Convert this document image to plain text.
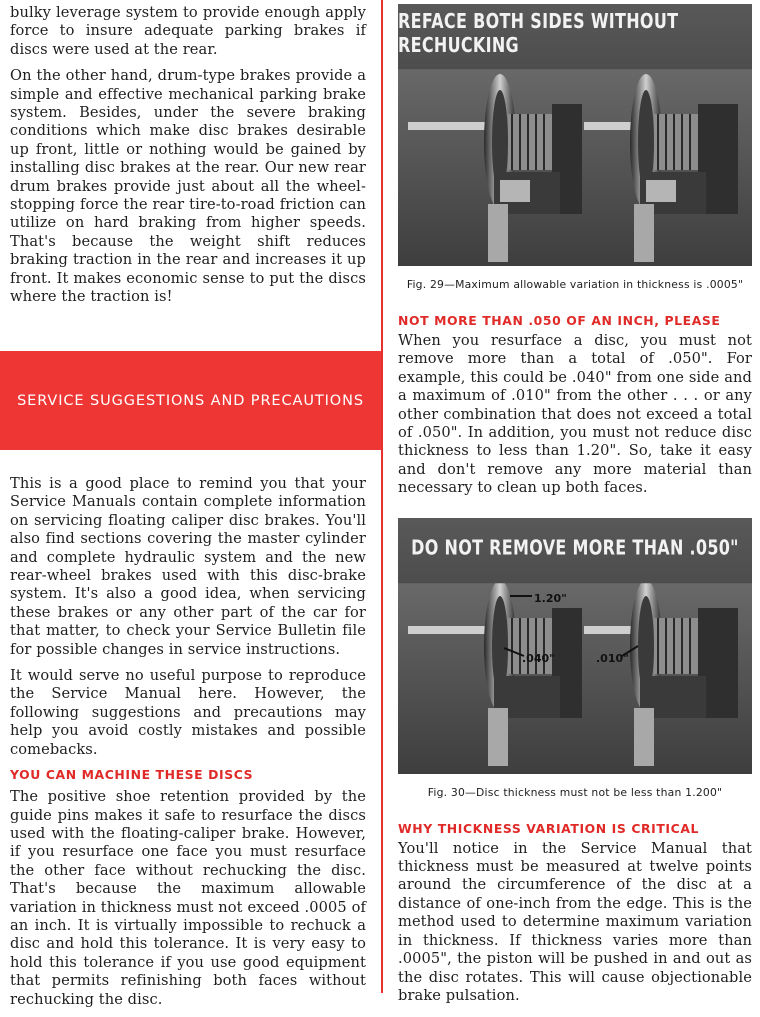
bulky leverage system to provide enough apply force to insure adequate parking brakes if discs were used at the rear.

On the other hand, drum-type brakes provide a simple and effective mechanical parking brake system. Besides, under the severe braking conditions which make disc brakes desirable up front, little or nothing would be gained by installing disc brakes at the rear. Our new rear drum brakes provide just about all the wheel-stopping force the rear tire-to-road friction can utilize on hard braking from higher speeds. That's because the weight shift reduces braking traction in the rear and increases it up front. It makes economic sense to put the discs where the traction is!

SERVICE SUGGESTIONS AND PRECAUTIONS

This is a good place to remind you that your Service Manuals contain complete information on servicing floating caliper disc brakes. You'll also find sections covering the master cylinder and complete hydraulic system and the new rear-wheel brakes used with this disc-brake system. It's also a good idea, when servicing these brakes or any other part of the car for that matter, to check your Service Bulletin file for possible changes in service instructions.

It would serve no useful purpose to reproduce the Service Manual here. However, the following suggestions and precautions may help you avoid costly mistakes and possible comebacks.

YOU CAN MACHINE THESE DISCS

The positive shoe retention provided by the guide pins makes it safe to resurface the discs used with the floating-caliper brake. However, if you resurface one face you must resurface the other face without rechucking the disc. That's because the maximum allowable variation in thickness must not exceed .0005 of an inch. It is virtually impossible to rechuck a disc and hold this tolerance. It is very easy to hold this tolerance if you use good equipment that permits refinishing both faces without rechucking the disc.

REFACE BOTH SIDES WITHOUT RECHUCKING
Fig. 29—Maximum allowable variation in thickness is .0005"
NOT MORE THAN .050 OF AN INCH, PLEASE

When you resurface a disc, you must not remove more than a total of .050". For example, this could be .040" from one side and a maximum of .010" from the other . . . or any other combination that does not exceed a total of .050". In addition, you must not reduce disc thickness to less than 1.20". So, take it easy and don't remove any more material than necessary to clean up both faces.

1.20"
.040"	.010"
DO NOT REMOVE MORE THAN .050"
Fig. 30—Disc thickness must not be less than 1.200"
WHY THICKNESS VARIATION IS CRITICAL

You'll notice in the Service Manual that thickness must be measured at twelve points around the circumference of the disc at a distance of one-inch from the edge. This is the method used to determine maximum variation in thickness. If thickness varies more than .0005", the piston will be pushed in and out as the disc rotates. This will cause objectionable brake pulsation.
